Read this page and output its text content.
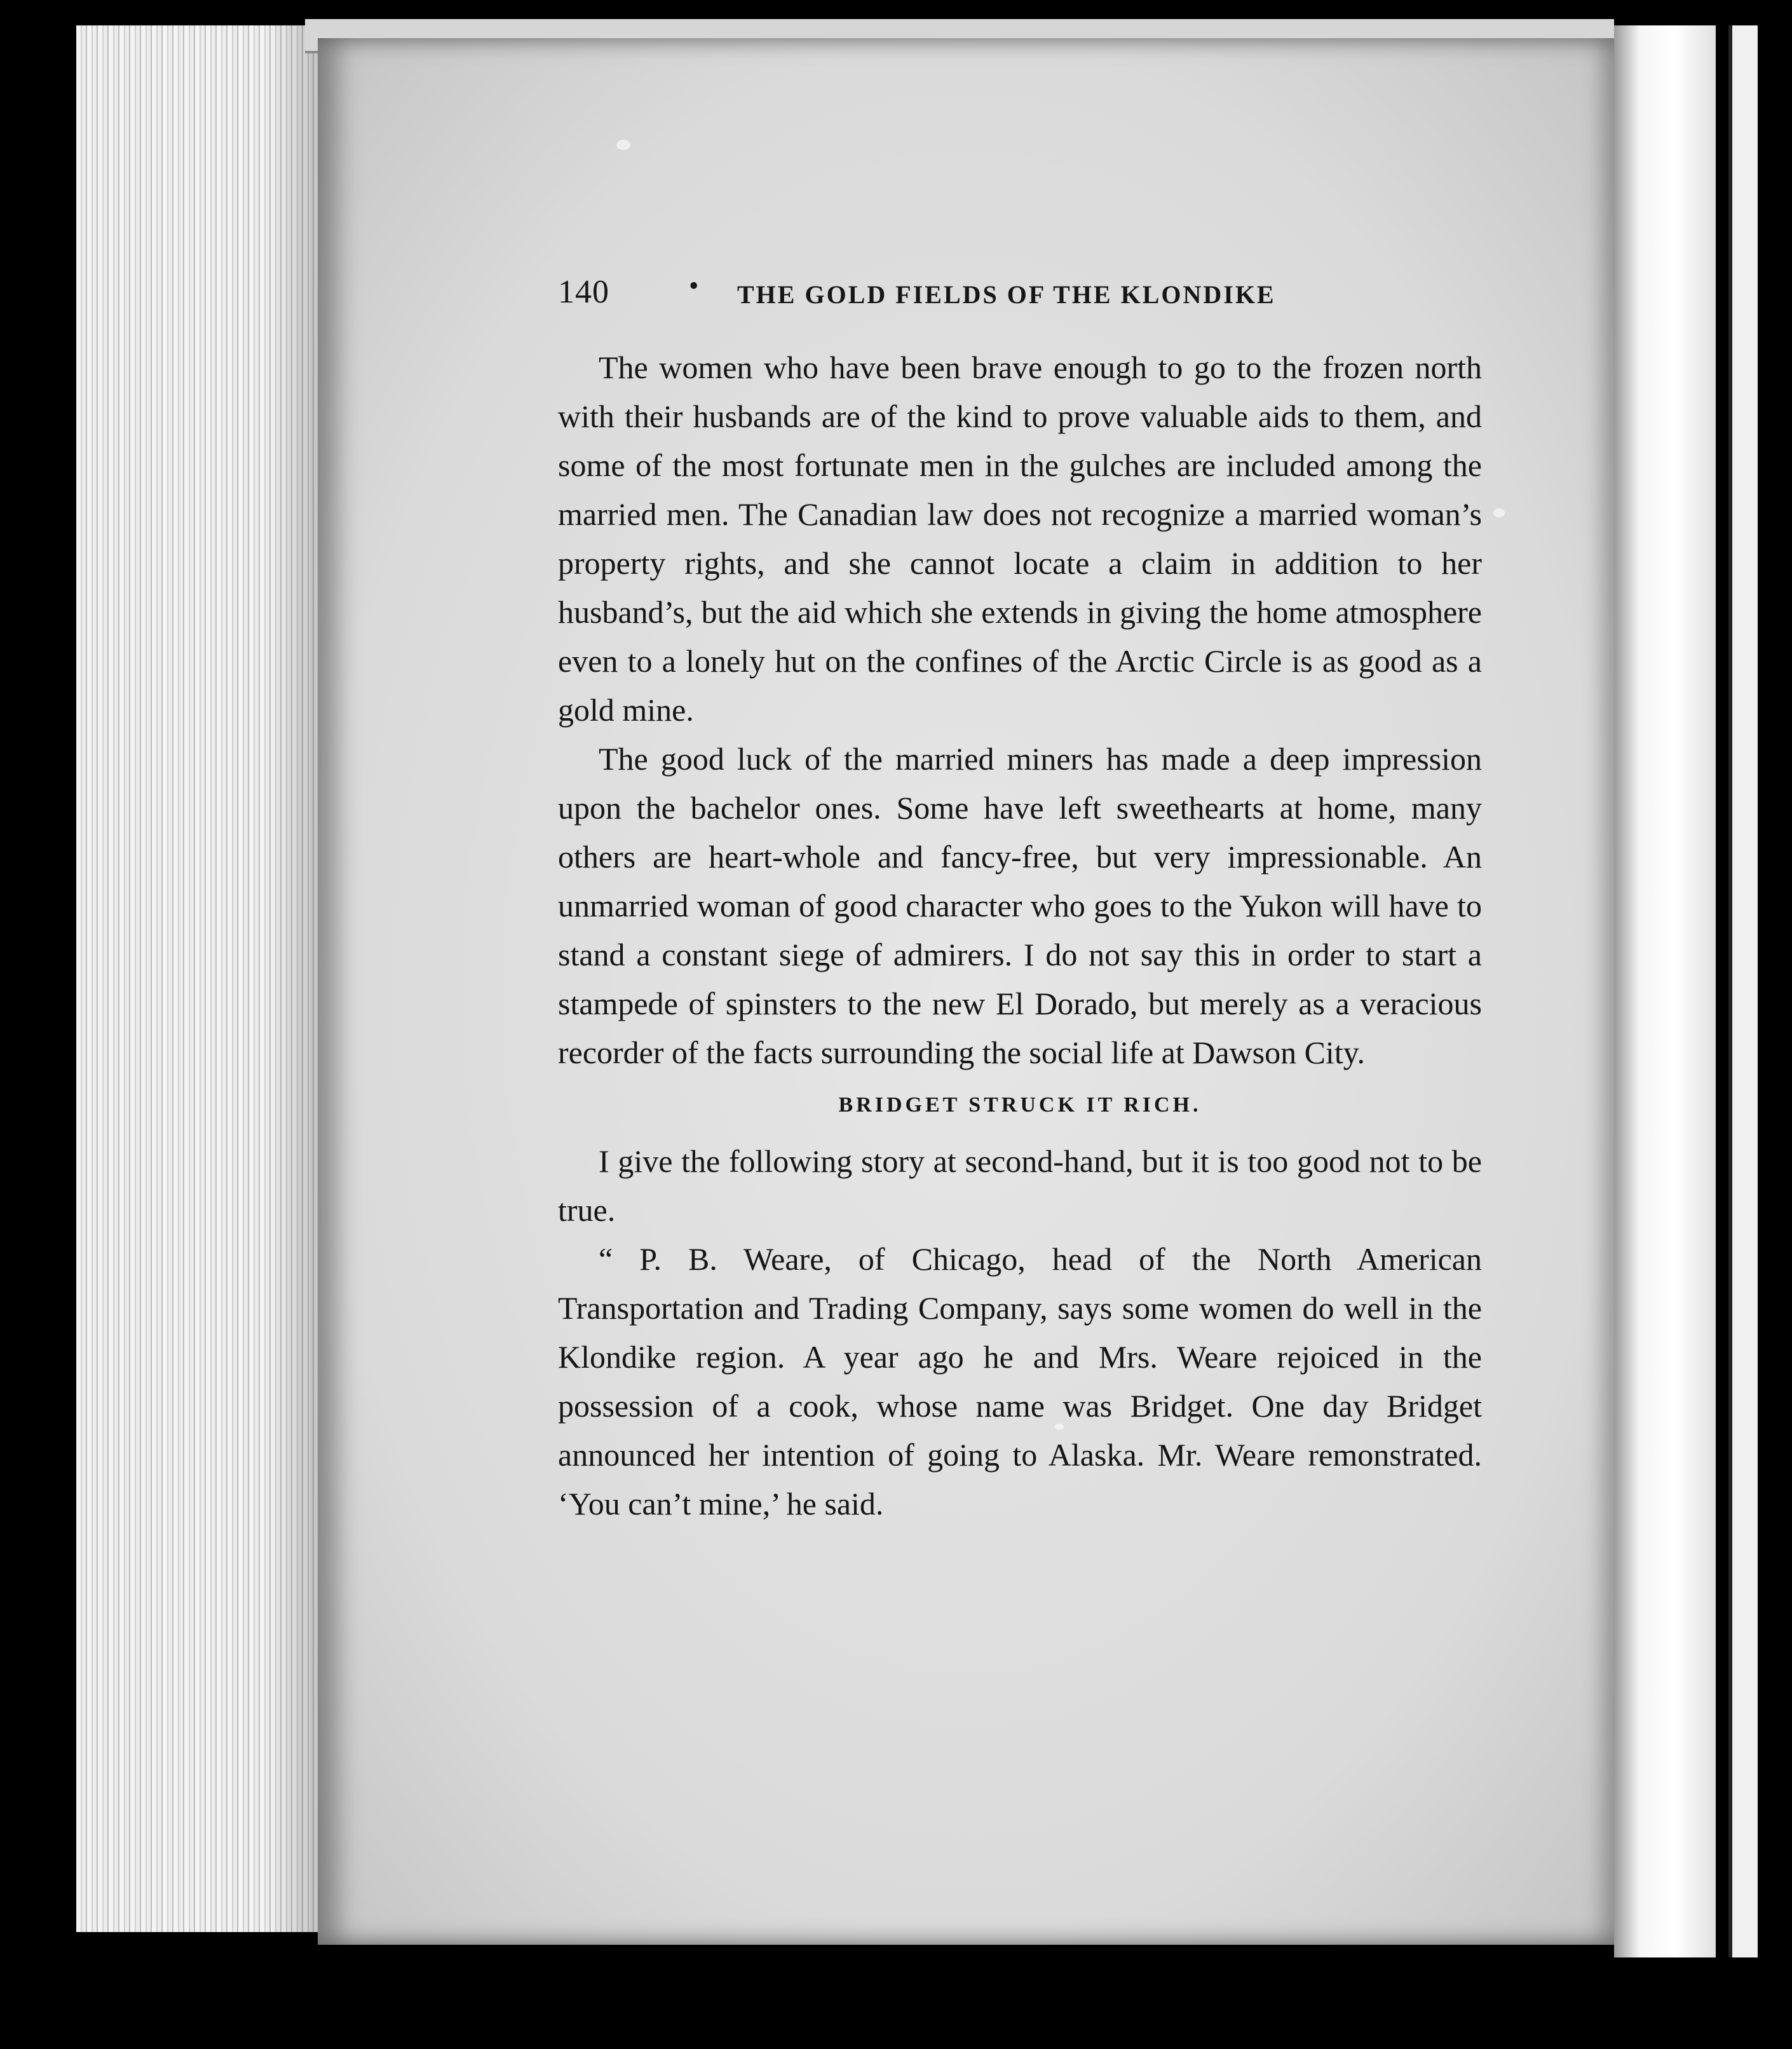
140	• THE GOLD FIELDS OF THE KLONDIKE

The women who have been brave enough to go to the frozen north with their husbands are of the kind to prove valuable aids to them, and some of the most fortunate men in the gulches are included among the married men. The Canadian law does not recognize a married woman’s property rights, and she cannot locate a claim in addition to her husband’s, but the aid which she extends in giving the home atmosphere even to a lonely hut on the confines of the Arctic Circle is as good as a gold mine.

The good luck of the married miners has made a deep impression upon the bachelor ones. Some have left sweethearts at home, many others are heart-whole and fancy-free, but very impressionable. An unmarried woman of good character who goes to the Yukon will have to stand a constant siege of admirers. I do not say this in order to start a stampede of spinsters to the new El Dorado, but merely as a veracious recorder of the facts surrounding the social life at Dawson City.

BRIDGET STRUCK IT RICH.

I give the following story at second-hand, but it is too good not to be true.

“ P. B. Weare, of Chicago, head of the North American Transportation and Trading Company, says some women do well in the Klondike region. A year ago he and Mrs. Weare rejoiced in the possession of a cook, whose name was Bridget. One day Bridget announced her intention of going to Alaska. Mr. Weare remonstrated. ‘You can’t mine,’ he said.
